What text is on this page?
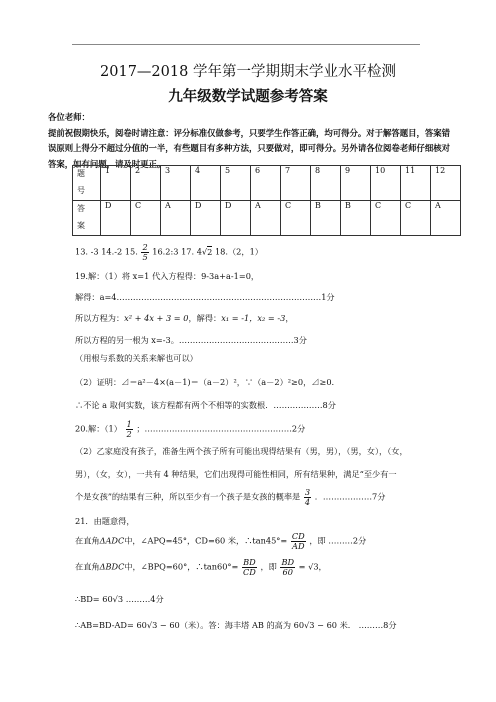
2017—2018 学年第一学期期末学业水平检测
九年级数学试题参考答案
各位老师：
提前祝假期快乐，阅卷时请注意：评分标准仅做参考，只要学生作答正确，均可得分。对于解答题目，答案错误原则上得分不超过分值的一半，有些题目有多种方法，只要做对，即可得分。另外请各位阅卷老师仔细核对答案，如有问题，请及时更正。
题
号	1	2	3	4	5	6	7	8	9	10	11	12

答
案	D	C	A	D	D	A	C	B	B	C	C	A
13. -3 14.-2 15. $\frac{2}{5}$ 16.2:3 17. 4√2 18.（2，1）
19.解：（1）将 x=1 代入方程得：9-3a+a-1=0，
解得：a=4…………………………………………………………………1分
所以方程为：x² + 4x + 3 = 0，解得：x₁ = -1，x₂ = -3，
所以方程的另一根为 x=-3。……………………………………3分
（用根与系数的关系来解也可以）
（2）证明：⊿＝a²－4×(a－1)＝（a－2）²，∵（a－2）²≥0，⊿≥0.
∴不论 a 取何实数，该方程都有两个不相等的实数根．………………8分
20.解：$(1) \frac{1}{2}$ ；………………………………………………2分
（2）乙家庭没有孩子，准备生两个孩子所有可能出现得结果有（男，男），（男，女），（女，
男），（女，女），一共有 4 种结果，它们出现得可能性相同，所有结果种，满足“至少有一
个是女孩”的结果有三种，所以至少有一个孩子是女孩的概率是 $\frac{3}{4}$ ．………………7分
21．由题意得，
在直角ΔADC中，∠APQ=45°，CD=60 米，∴tan45°= $\frac{CD}{AD}$ ，即 ………2分
在直角ΔBDC中，∠BPQ=60°，∴tan60°= $\frac{BD}{CD}$ ，即 $\frac{BD}{60} = √3$，
∴BD= 60√3 ………4分
∴AB=BD-AD= 60√3 − 60（米）。答：海丰塔 AB 的高为 60√3 − 60 米． ………8分
